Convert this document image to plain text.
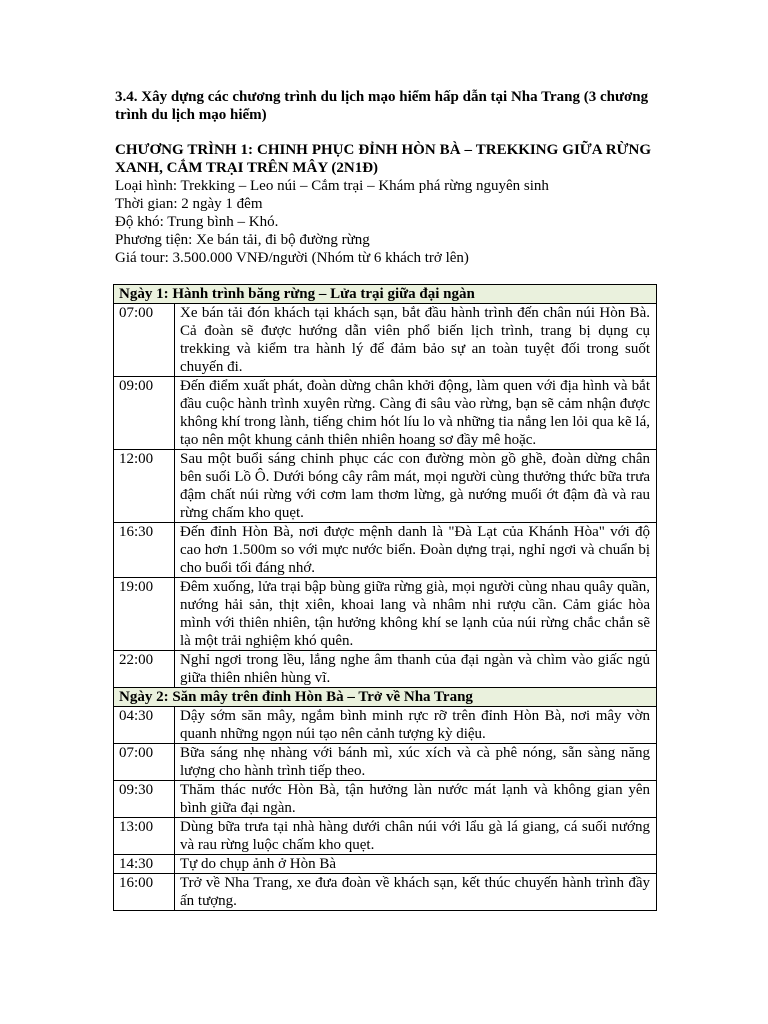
3.4. Xây dựng các chương trình du lịch mạo hiểm hấp dẫn tại Nha Trang (3 chương trình du lịch mạo hiểm)

CHƯƠNG TRÌNH 1: CHINH PHỤC ĐỈNH HÒN BÀ – TREKKING GIỮA RỪNG XANH, CẮM TRẠI TRÊN MÂY (2N1Đ)

Loại hình: Trekking – Leo núi – Cắm trại – Khám phá rừng nguyên sinh

Thời gian: 2 ngày 1 đêm

Độ khó: Trung bình – Khó.

Phương tiện: Xe bán tải, đi bộ đường rừng

Giá tour: 3.500.000 VNĐ/người (Nhóm từ 6 khách trở lên)

Ngày 1: Hành trình băng rừng – Lửa trại giữa đại ngàn	
07:00	Xe bán tải đón khách tại khách sạn, bắt đầu hành trình đến chân núi Hòn Bà. Cả đoàn sẽ được hướng dẫn viên phổ biến lịch trình, trang bị dụng cụ trekking và kiểm tra hành lý để đảm bảo sự an toàn tuyệt đối trong suốt chuyến đi.
09:00	Đến điểm xuất phát, đoàn dừng chân khởi động, làm quen với địa hình và bắt đầu cuộc hành trình xuyên rừng. Càng đi sâu vào rừng, bạn sẽ cảm nhận được không khí trong lành, tiếng chim hót líu lo và những tia nắng len lỏi qua kẽ lá, tạo nên một khung cảnh thiên nhiên hoang sơ đầy mê hoặc.
12:00	Sau một buổi sáng chinh phục các con đường mòn gồ ghề, đoàn dừng chân bên suối Lồ Ô. Dưới bóng cây râm mát, mọi người cùng thưởng thức bữa trưa đậm chất núi rừng với cơm lam thơm lừng, gà nướng muối ớt đậm đà và rau rừng chấm kho quẹt.
16:30	Đến đỉnh Hòn Bà, nơi được mệnh danh là "Đà Lạt của Khánh Hòa" với độ cao hơn 1.500m so với mực nước biển. Đoàn dựng trại, nghỉ ngơi và chuẩn bị cho buổi tối đáng nhớ.
19:00	Đêm xuống, lửa trại bập bùng giữa rừng già, mọi người cùng nhau quây quần, nướng hải sản, thịt xiên, khoai lang và nhâm nhi rượu cần. Cảm giác hòa mình với thiên nhiên, tận hưởng không khí se lạnh của núi rừng chắc chắn sẽ là một trải nghiệm khó quên.
22:00	Nghỉ ngơi trong lều, lắng nghe âm thanh của đại ngàn và chìm vào giấc ngủ giữa thiên nhiên hùng vĩ.
Ngày 2: Săn mây trên đỉnh Hòn Bà – Trở về Nha Trang	
04:30	Dậy sớm săn mây, ngắm bình minh rực rỡ trên đỉnh Hòn Bà, nơi mây vờn quanh những ngọn núi tạo nên cảnh tượng kỳ diệu.
07:00	Bữa sáng nhẹ nhàng với bánh mì, xúc xích và cà phê nóng, sẵn sàng năng lượng cho hành trình tiếp theo.
09:30	Thăm thác nước Hòn Bà, tận hưởng làn nước mát lạnh và không gian yên bình giữa đại ngàn.
13:00	Dùng bữa trưa tại nhà hàng dưới chân núi với lẩu gà lá giang, cá suối nướng và rau rừng luộc chấm kho quẹt.
14:30	Tự do chụp ảnh ở Hòn Bà
16:00	Trở về Nha Trang, xe đưa đoàn về khách sạn, kết thúc chuyến hành trình đầy ấn tượng.
